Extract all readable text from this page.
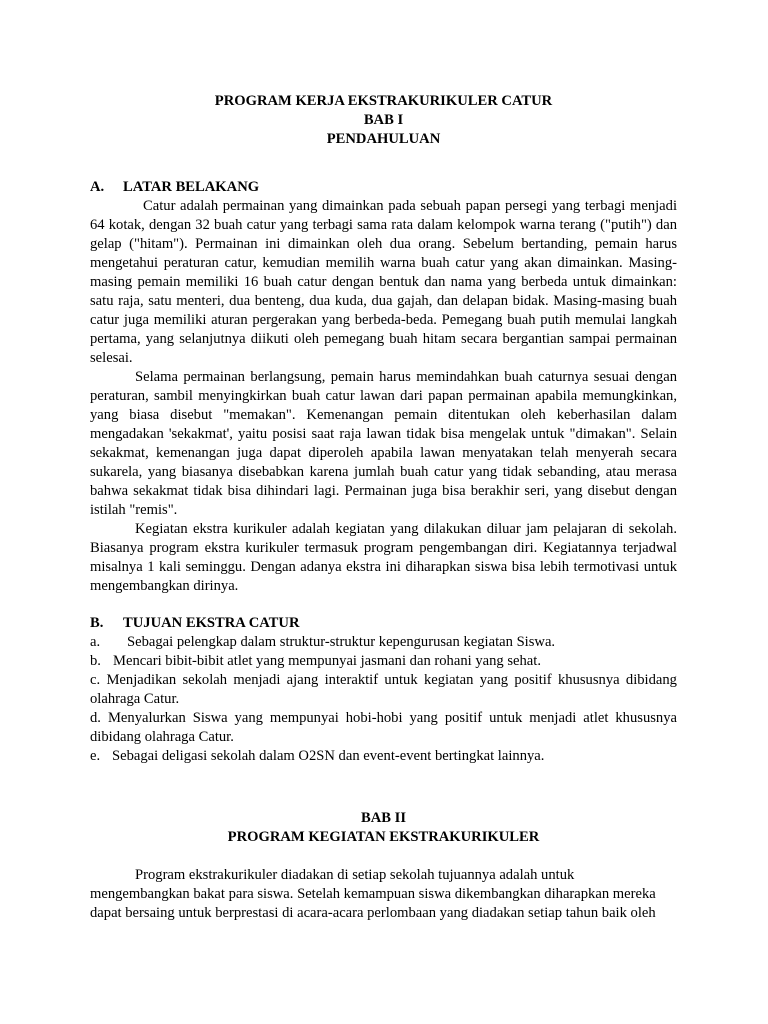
PROGRAM KERJA EKSTRAKURIKULER CATUR
BAB I
PENDAHULUAN
A. LATAR BELAKANG

Catur adalah permainan yang dimainkan pada sebuah papan persegi yang terbagi menjadi 64 kotak, dengan 32 buah catur yang terbagi sama rata dalam kelompok warna terang ("putih") dan gelap ("hitam"). Permainan ini dimainkan oleh dua orang. Sebelum bertanding, pemain harus mengetahui peraturan catur, kemudian memilih warna buah catur yang akan dimainkan. Masing-masing pemain memiliki 16 buah catur dengan bentuk dan nama yang berbeda untuk dimainkan: satu raja, satu menteri, dua benteng, dua kuda, dua gajah, dan delapan bidak. Masing-masing buah catur juga memiliki aturan pergerakan yang berbeda-beda. Pemegang buah putih memulai langkah pertama, yang selanjutnya diikuti oleh pemegang buah hitam secara bergantian sampai permainan selesai.

Selama permainan berlangsung, pemain harus memindahkan buah caturnya sesuai dengan peraturan, sambil menyingkirkan buah catur lawan dari papan permainan apabila memungkinkan, yang biasa disebut "memakan". Kemenangan pemain ditentukan oleh keberhasilan dalam mengadakan 'sekakmat', yaitu posisi saat raja lawan tidak bisa mengelak untuk "dimakan". Selain sekakmat, kemenangan juga dapat diperoleh apabila lawan menyatakan telah menyerah secara sukarela, yang biasanya disebabkan karena jumlah buah catur yang tidak sebanding, atau merasa bahwa sekakmat tidak bisa dihindari lagi. Permainan juga bisa berakhir seri, yang disebut dengan istilah "remis".

Kegiatan ekstra kurikuler adalah kegiatan yang dilakukan diluar jam pelajaran di sekolah. Biasanya program ekstra kurikuler termasuk program pengembangan diri. Kegiatannya terjadwal misalnya 1 kali seminggu. Dengan adanya ekstra ini diharapkan siswa bisa lebih termotivasi untuk mengembangkan dirinya.

B. TUJUAN EKSTRA CATUR
a. Sebagai pelengkap dalam struktur-struktur kepengurusan kegiatan Siswa.
b. Mencari bibit-bibit atlet yang mempunyai jasmani dan rohani yang sehat.
c. Menjadikan sekolah menjadi ajang interaktif untuk kegiatan yang positif khususnya dibidang olahraga Catur.
d. Menyalurkan Siswa yang mempunyai hobi-hobi yang positif untuk menjadi atlet khususnya dibidang olahraga Catur.
e. Sebagai deligasi sekolah dalam O2SN dan event-event bertingkat lainnya.
BAB II
PROGRAM KEGIATAN EKSTRAKURIKULER

Program ekstrakurikuler diadakan di setiap sekolah tujuannya adalah untuk mengembangkan bakat para siswa. Setelah kemampuan siswa dikembangkan diharapkan mereka dapat bersaing untuk berprestasi di acara-acara perlombaan yang diadakan setiap tahun baik oleh
